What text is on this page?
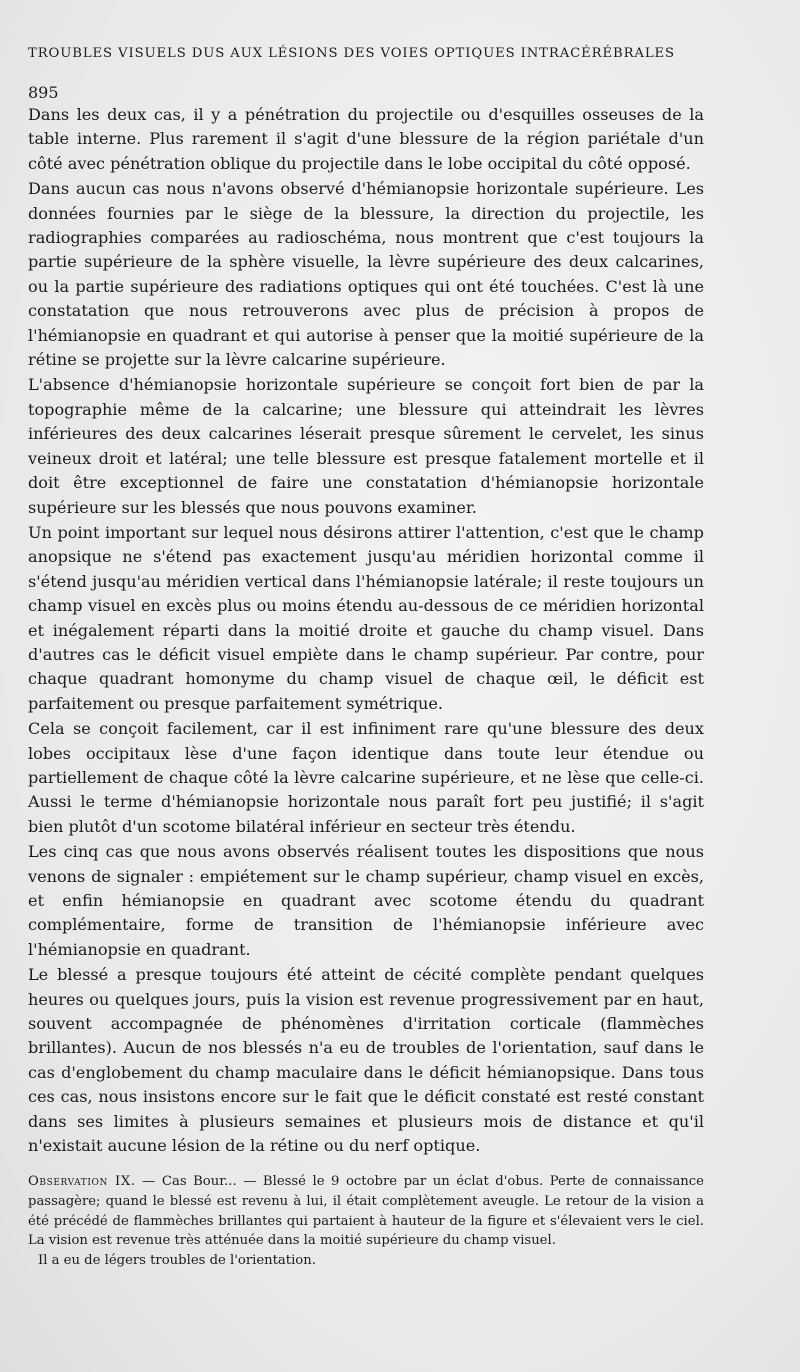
TROUBLES VISUELS DUS AUX LÉSIONS DES VOIES OPTIQUES INTRACÉRÉBRALES
895

Dans les deux cas, il y a pénétration du projectile ou d'esquilles osseuses de la table interne. Plus rarement il s'agit d'une blessure de la région pariétale d'un côté avec pénétration oblique du projectile dans le lobe occipital du côté opposé.

Dans aucun cas nous n'avons observé d'hémianopsie horizontale supérieure. Les données fournies par le siège de la blessure, la direction du projectile, les radiographies comparées au radioschéma, nous montrent que c'est toujours la partie supérieure de la sphère visuelle, la lèvre supérieure des deux calcarines, ou la partie supérieure des radiations optiques qui ont été touchées. C'est là une constatation que nous retrouverons avec plus de précision à propos de l'hémianopsie en quadrant et qui autorise à penser que la moitié supérieure de la rétine se projette sur la lèvre calcarine supérieure.

L'absence d'hémianopsie horizontale supérieure se conçoit fort bien de par la topographie même de la calcarine; une blessure qui atteindrait les lèvres inférieures des deux calcarines léserait presque sûrement le cervelet, les sinus veineux droit et latéral; une telle blessure est presque fatalement mortelle et il doit être exceptionnel de faire une constatation d'hémianopsie horizontale supérieure sur les blessés que nous pouvons examiner.

Un point important sur lequel nous désirons attirer l'attention, c'est que le champ anopsique ne s'étend pas exactement jusqu'au méridien horizontal comme il s'étend jusqu'au méridien vertical dans l'hémianopsie latérale; il reste toujours un champ visuel en excès plus ou moins étendu au-dessous de ce méridien horizontal et inégalement réparti dans la moitié droite et gauche du champ visuel. Dans d'autres cas le déficit visuel empiète dans le champ supérieur. Par contre, pour chaque quadrant homonyme du champ visuel de chaque œil, le déficit est parfaitement ou presque parfaitement symétrique.

Cela se conçoit facilement, car il est infiniment rare qu'une blessure des deux lobes occipitaux lèse d'une façon identique dans toute leur étendue ou partiellement de chaque côté la lèvre calcarine supérieure, et ne lèse que celle-ci. Aussi le terme d'hémianopsie horizontale nous paraît fort peu justifié; il s'agit bien plutôt d'un scotome bilatéral inférieur en secteur très étendu.

Les cinq cas que nous avons observés réalisent toutes les dispositions que nous venons de signaler : empiétement sur le champ supérieur, champ visuel en excès, et enfin hémianopsie en quadrant avec scotome étendu du quadrant complémentaire, forme de transition de l'hémianopsie inférieure avec l'hémianopsie en quadrant.

Le blessé a presque toujours été atteint de cécité complète pendant quelques heures ou quelques jours, puis la vision est revenue progressivement par en haut, souvent accompagnée de phénomènes d'irritation corticale (flammèches brillantes). Aucun de nos blessés n'a eu de troubles de l'orientation, sauf dans le cas d'englobement du champ maculaire dans le déficit hémianopsique. Dans tous ces cas, nous insistons encore sur le fait que le déficit constaté est resté constant dans ses limites à plusieurs semaines et plusieurs mois de distance et qu'il n'existait aucune lésion de la rétine ou du nerf optique.

Observation IX. — Cas Bour... — Blessé le 9 octobre par un éclat d'obus. Perte de connaissance passagère; quand le blessé est revenu à lui, il était complètement aveugle. Le retour de la vision a été précédé de flammèches brillantes qui partaient à hauteur de la figure et s'élevaient vers le ciel. La vision est revenue très atténuée dans la moitié supérieure du champ visuel.

Il a eu de légers troubles de l'orientation.
